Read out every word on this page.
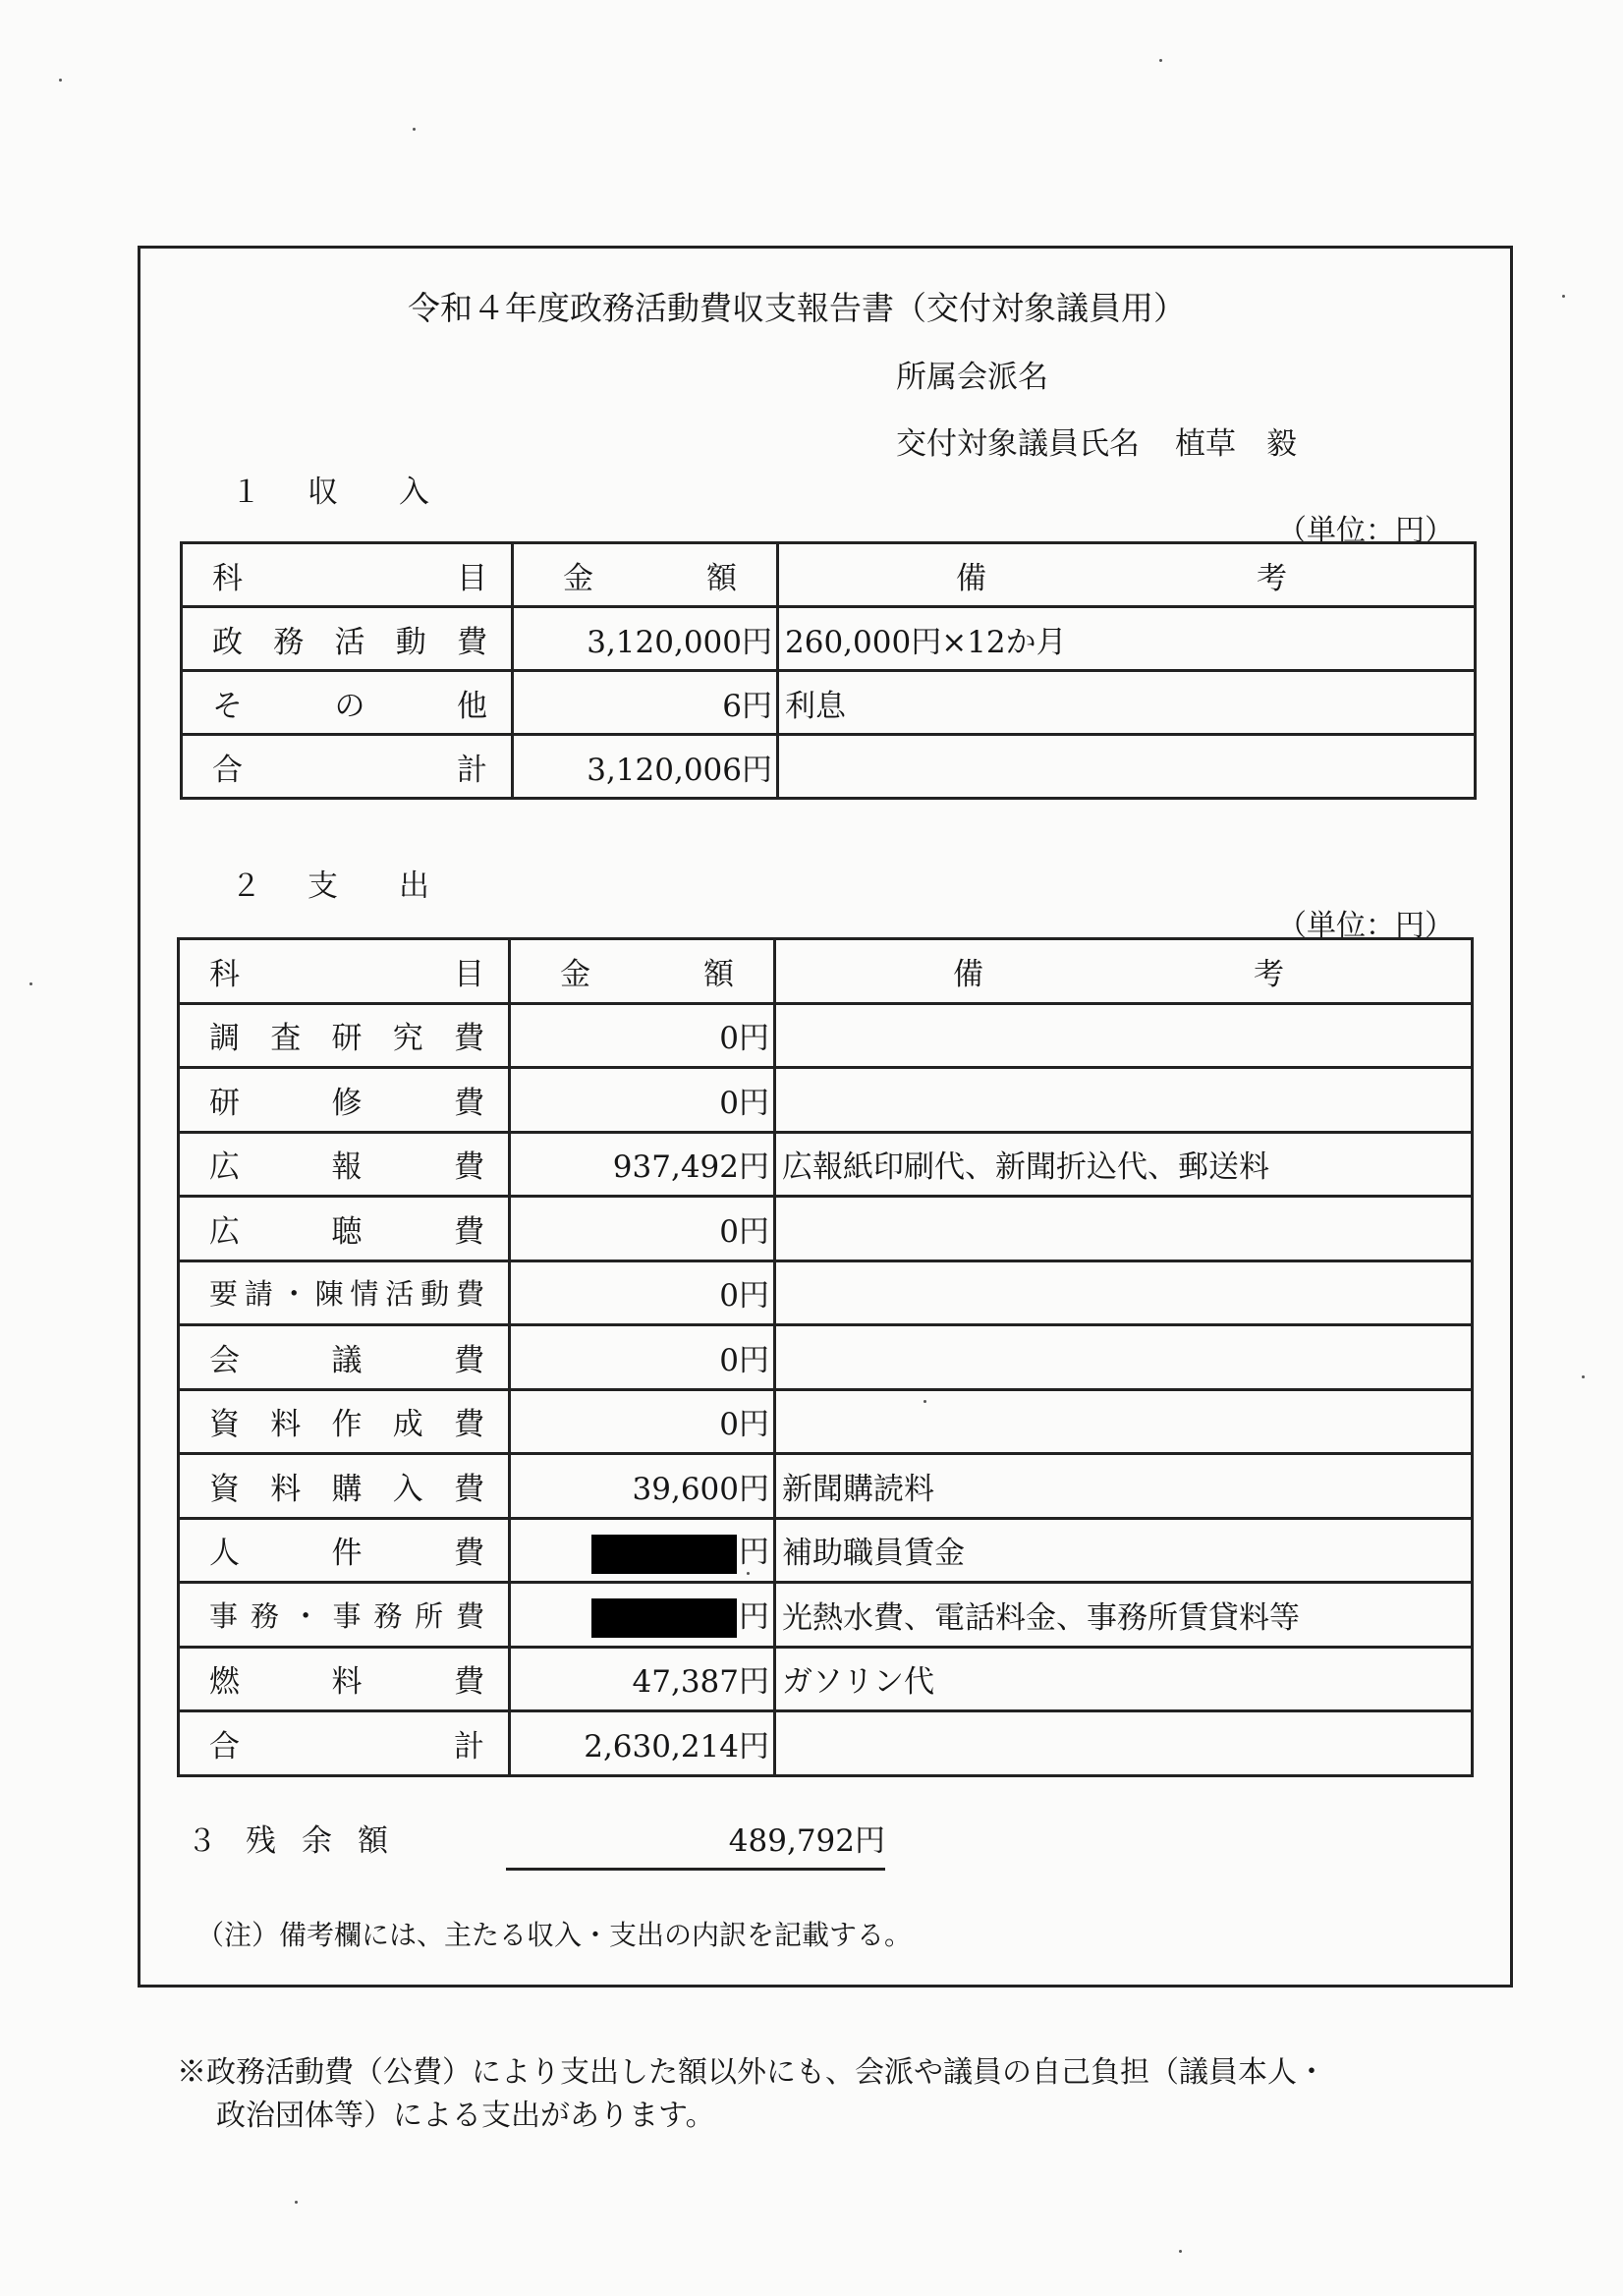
令和４年度政務活動費収支報告書（交付対象議員用）
所属会派名
交付対象議員氏名 植草　毅
１ 収　　入
（単位：円）
科目	金額	備考
政務活動費	3,120,000円	260,000円×12か月
その他	6円	利息
合計	3,120,006円	
２ 支　　出
（単位：円）
科目	金額	備考
調査研究費	0円	
研修費	0円	
広報費	937,492円	広報紙印刷代、新聞折込代、郵送料
広聴費	0円	
要請・陳情活動費	0円	
会議費	0円	
資料作成費	0円	
資料購入費	39,600円	新聞購読料
人件費	円	補助職員賃金
事務・事務所費	円	光熱水費、電話料金、事務所賃貸料等
燃料費	47,387円	ガソリン代
合計	2,630,214円	
３ 残余額	489,792円
（注）備考欄には、主たる収入・支出の内訳を記載する。
※政務活動費（公費）により支出した額以外にも、会派や議員の自己負担（議員本人・
政治団体等）による支出があります。
